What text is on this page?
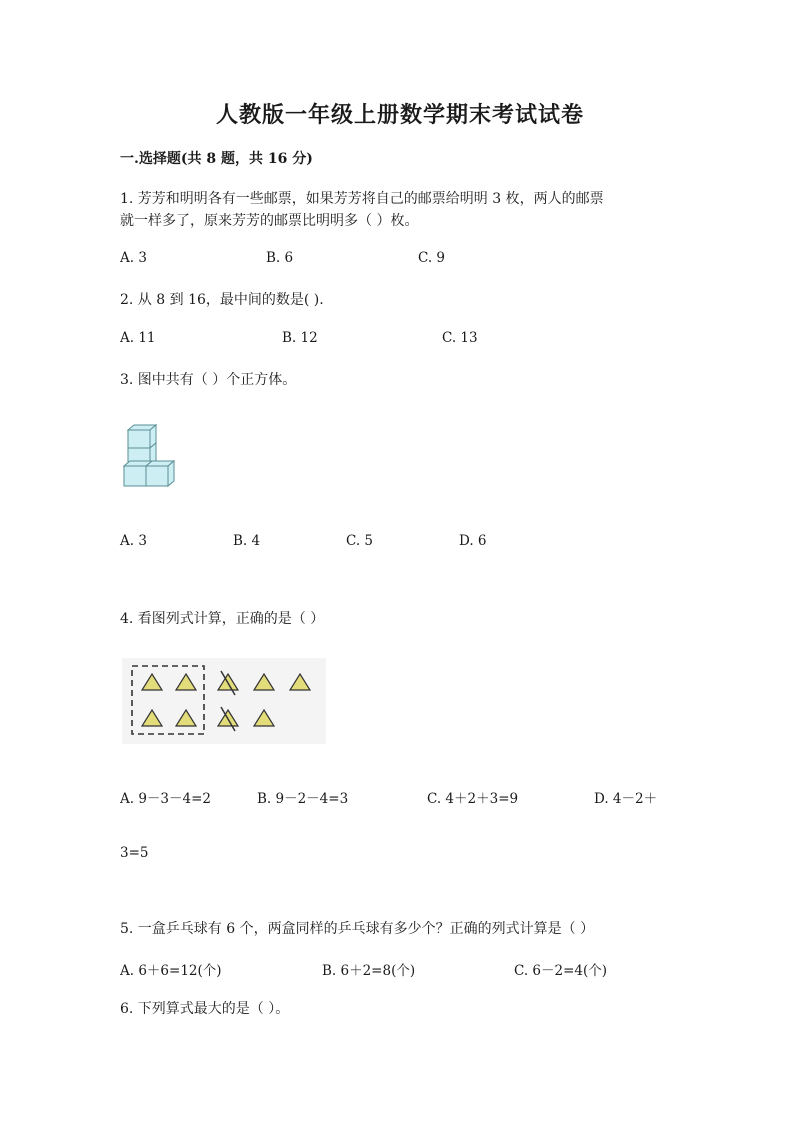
人教版一年级上册数学期末考试试卷
一.选择题(共 8 题，共 16 分)
1. 芳芳和明明各有一些邮票，如果芳芳将自己的邮票给明明 3 枚，两人的邮票
就一样多了，原来芳芳的邮票比明明多（ ）枚。
A. 3	B. 6	C. 9
2. 从 8 到 16，最中间的数是( ).
A. 11	B. 12	C. 13
3. 图中共有（ ）个正方体。
A. 3	B. 4	C. 5	D. 6
4. 看图列式计算，正确的是（ ）
A. 9－3－4=2	B. 9－2－4=3	C. 4＋2＋3=9	D. 4－2＋
3=5
5. 一盒乒乓球有 6 个，两盒同样的乒乓球有多少个？正确的列式计算是（ ）
A. 6＋6=12(个)	B. 6＋2=8(个)	C. 6－2=4(个)
6. 下列算式最大的是（ ）。
